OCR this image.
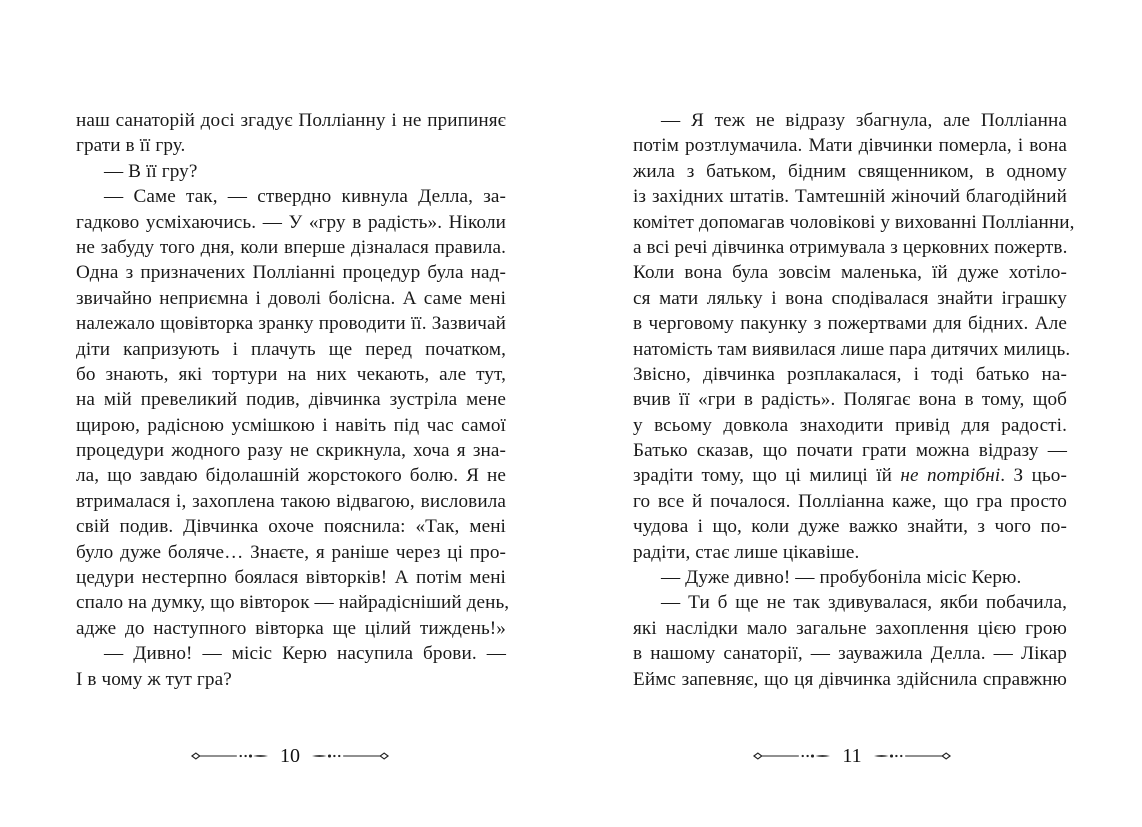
наш санаторій досі згадує Полліанну і не припиняє
грати в її гру.
— В її гру?
— Саме так, — ствердно кивнула Делла, за-
гадково усміхаючись. — У «гру в радість». Ніколи
не забуду того дня, коли вперше дізналася правила.
Одна з призначених Полліанні процедур була над-
звичайно неприємна і доволі болісна. А саме мені
належало щовівторка зранку проводити її. Зазвичай
діти капризують і плачуть ще перед початком,
бо знають, які тортури на них чекають, але тут,
на мій превеликий подив, дівчинка зустріла мене
щирою, радісною усмішкою і навіть під час самої
процедури жодного разу не скрикнула, хоча я зна-
ла, що завдаю бідолашній жорстокого болю. Я не
втрималася і, захоплена такою відвагою, висловила
свій подив. Дівчинка охоче пояснила: «Так, мені
було дуже боляче… Знаєте, я раніше через ці про-
цедури нестерпно боялася вівторків! А потім мені
спало на думку, що вівторок — найрадісніший день,
адже до наступного вівторка ще цілий тиждень!»
— Дивно! — місіс Керю насупила брови. —
І в чому ж тут гра?
10
— Я теж не відразу збагнула, але Полліанна
потім розтлумачила. Мати дівчинки померла, і вона
жила з батьком, бідним священником, в одному
із західних штатів. Тамтешній жіночий благодійний
комітет допомагав чоловікові у вихованні Полліанни,
а всі речі дівчинка отримувала з церковних пожертв.
Коли вона була зовсім маленька, їй дуже хотіло-
ся мати ляльку і вона сподівалася знайти іграшку
в черговому пакунку з пожертвами для бідних. Але
натомість там виявилася лише пара дитячих милиць.
Звісно, дівчинка розплакалася, і тоді батько на-
вчив її «гри в радість». Полягає вона в тому, щоб
у всьому довкола знаходити привід для радості.
Батько сказав, що почати грати можна відразу —
зрадіти тому, що ці милиці їй не потрібні. З цьо-
го все й почалося. Полліанна каже, що гра просто
чудова і що, коли дуже важко знайти, з чого по-
радіти, стає лише цікавіше.
— Дуже дивно! — пробубоніла місіс Керю.
— Ти б ще не так здивувалася, якби побачила,
які наслідки мало загальне захоплення цією грою
в нашому санаторії, — зауважила Делла. — Лікар
Еймс запевняє, що ця дівчинка здійснила справжню
11
